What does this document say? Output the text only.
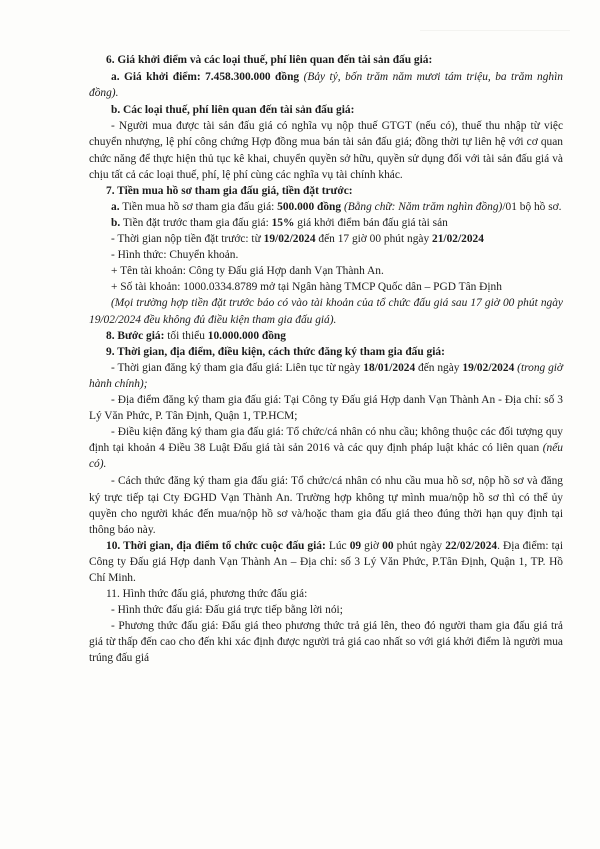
6. Giá khởi điểm và các loại thuế, phí liên quan đến tài sản đấu giá:

a. Giá khởi điểm: 7.458.300.000 đồng (Bảy tỷ, bốn trăm năm mươi tám triệu, ba trăm nghìn đồng).

b. Các loại thuế, phí liên quan đến tài sản đấu giá:

- Người mua được tài sản đấu giá có nghĩa vụ nộp thuế GTGT (nếu có), thuế thu nhập từ việc chuyển nhượng, lệ phí công chứng Hợp đồng mua bán tài sản đấu giá; đồng thời tự liên hệ với cơ quan chức năng để thực hiện thủ tục kê khai, chuyển quyền sở hữu, quyền sử dụng đối với tài sản đấu giá và chịu tất cả các loại thuế, phí, lệ phí cùng các nghĩa vụ tài chính khác.

7. Tiền mua hồ sơ tham gia đấu giá, tiền đặt trước:

a. Tiền mua hồ sơ tham gia đấu giá: 500.000 đồng (Bằng chữ: Năm trăm nghìn đồng)/01 bộ hồ sơ.

b. Tiền đặt trước tham gia đấu giá: 15% giá khởi điểm bán đấu giá tài sản

- Thời gian nộp tiền đặt trước: từ 19/02/2024 đến 17 giờ 00 phút ngày 21/02/2024

- Hình thức: Chuyển khoản.

+ Tên tài khoản: Công ty Đấu giá Hợp danh Vạn Thành An.

+ Số tài khoản: 1000.0334.8789 mở tại Ngân hàng TMCP Quốc dân – PGD Tân Định

(Mọi trường hợp tiền đặt trước báo có vào tài khoản của tổ chức đấu giá sau 17 giờ 00 phút ngày 19/02/2024 đều không đủ điều kiện tham gia đấu giá).

8. Bước giá: tối thiểu 10.000.000 đồng

9. Thời gian, địa điểm, điều kiện, cách thức đăng ký tham gia đấu giá:

- Thời gian đăng ký tham gia đấu giá: Liên tục từ ngày 18/01/2024 đến ngày 19/02/2024 (trong giờ hành chính);

- Địa điểm đăng ký tham gia đấu giá: Tại Công ty Đấu giá Hợp danh Vạn Thành An - Địa chỉ: số 3 Lý Văn Phức, P. Tân Định, Quận 1, TP.HCM;

- Điều kiện đăng ký tham gia đấu giá: Tổ chức/cá nhân có nhu cầu; không thuộc các đối tượng quy định tại khoản 4 Điều 38 Luật Đấu giá tài sản 2016 và các quy định pháp luật khác có liên quan (nếu có).

- Cách thức đăng ký tham gia đấu giá: Tổ chức/cá nhân có nhu cầu mua hồ sơ, nộp hồ sơ và đăng ký trực tiếp tại Cty ĐGHD Vạn Thành An. Trường hợp không tự mình mua/nộp hồ sơ thì có thể ủy quyền cho người khác đến mua/nộp hồ sơ và/hoặc tham gia đấu giá theo đúng thời hạn quy định tại thông báo này.

10. Thời gian, địa điểm tổ chức cuộc đấu giá: Lúc 09 giờ 00 phút ngày 22/02/2024. Địa điểm: tại Công ty Đấu giá Hợp danh Vạn Thành An – Địa chỉ: số 3 Lý Văn Phức, P.Tân Định, Quận 1, TP. Hồ Chí Minh.

11. Hình thức đấu giá, phương thức đấu giá:

- Hình thức đấu giá: Đấu giá trực tiếp bằng lời nói;

- Phương thức đấu giá: Đấu giá theo phương thức trả giá lên, theo đó người tham gia đấu giá trả giá từ thấp đến cao cho đến khi xác định được người trả giá cao nhất so với giá khởi điểm là người mua trúng đấu giá
